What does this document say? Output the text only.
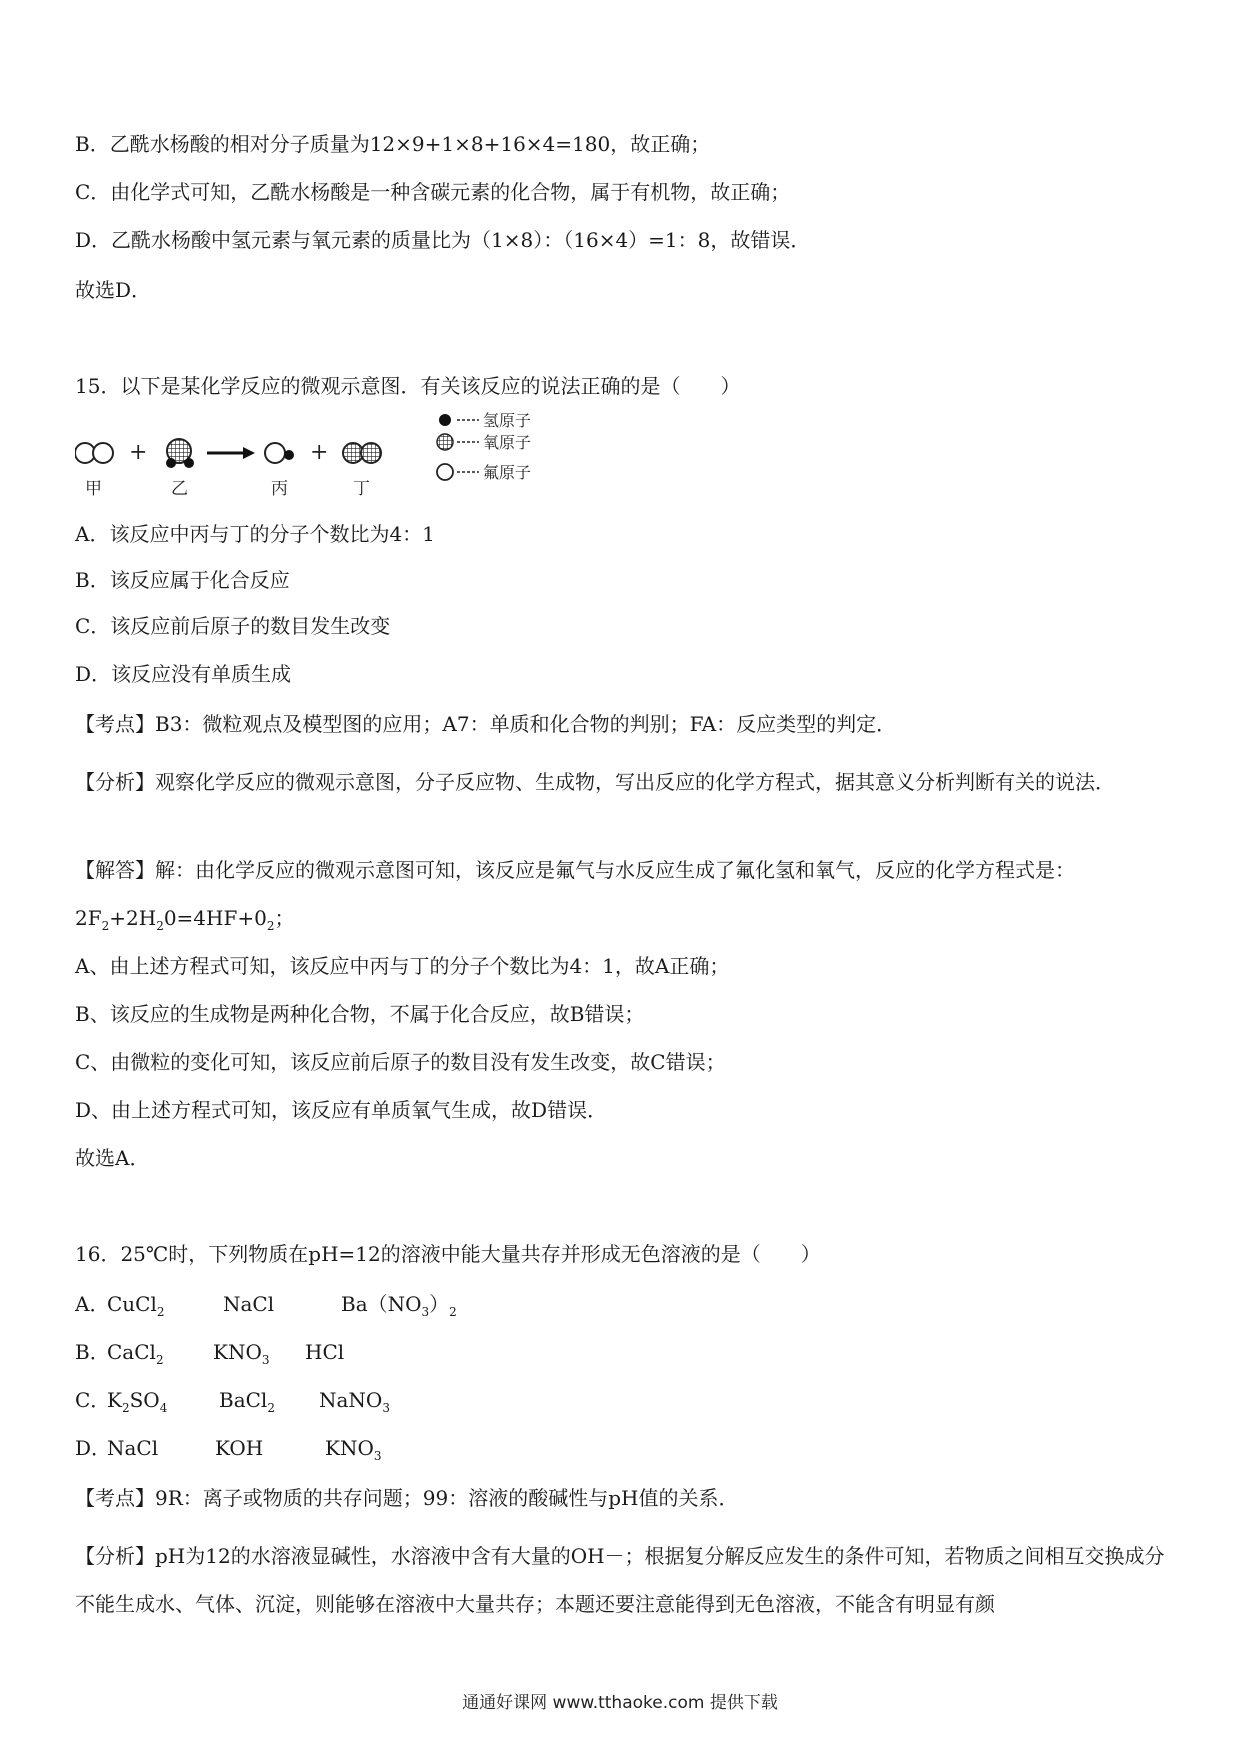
B．乙酰水杨酸的相对分子质量为12×9+1×8+16×4=180，故正确；
C．由化学式可知，乙酰水杨酸是一种含碳元素的化合物，属于有机物，故正确；
D．乙酰水杨酸中氢元素与氧元素的质量比为（1×8）：（16×4）=1：8，故错误．
故选D．
15．以下是某化学反应的微观示意图．有关该反应的说法正确的是（　　）
+	+
甲	乙	丙	丁
氢原子
氧原子
氟原子
A．该反应中丙与丁的分子个数比为4：1
B．该反应属于化合反应
C．该反应前后原子的数目发生改变
D．该反应没有单质生成
【考点】B3：微粒观点及模型图的应用；A7：单质和化合物的判别；FA：反应类型的判定．
【分析】观察化学反应的微观示意图，分子反应物、生成物，写出反应的化学方程式，据其意义分析判断有关的说法．
【解答】解：由化学反应的微观示意图可知，该反应是氟气与水反应生成了氟化氢和氧气，反应的化学方程式是：
$2F_2+2H_20=4HF+0_2$；
A、由上述方程式可知，该反应中丙与丁的分子个数比为4：1，故A正确；
B、该反应的生成物是两种化合物，不属于化合反应，故B错误；
C、由微粒的变化可知，该反应前后原子的数目没有发生改变，故C错误；
D、由上述方程式可知，该反应有单质氧气生成，故D错误．
故选A．
16．25℃时，下列物质在pH=12的溶液中能大量共存并形成无色溶液的是（　　）
A．
CuCl$_2$	NaCl	$Ba(NO_3)_2$
B．
CaCl$_2$ $KNO_3$ HCl
C．
$K_2SO_4$	BaCl$_2$ NaNO$_3$
D．
NaCl	KOH	$KNO_3$
【考点】9R：离子或物质的共存问题；99：溶液的酸碱性与pH值的关系．
【分析】pH为12的水溶液显碱性，水溶液中含有大量的OH－；根据复分解反应发生的条件可知，若物质之间相互交换成分不能生成水、气体、沉淀，则能够在溶液中大量共存；本题还要注意能得到无色溶液，不能含有明显有颜
通通好课网 www.tthaoke.com 提供下载
